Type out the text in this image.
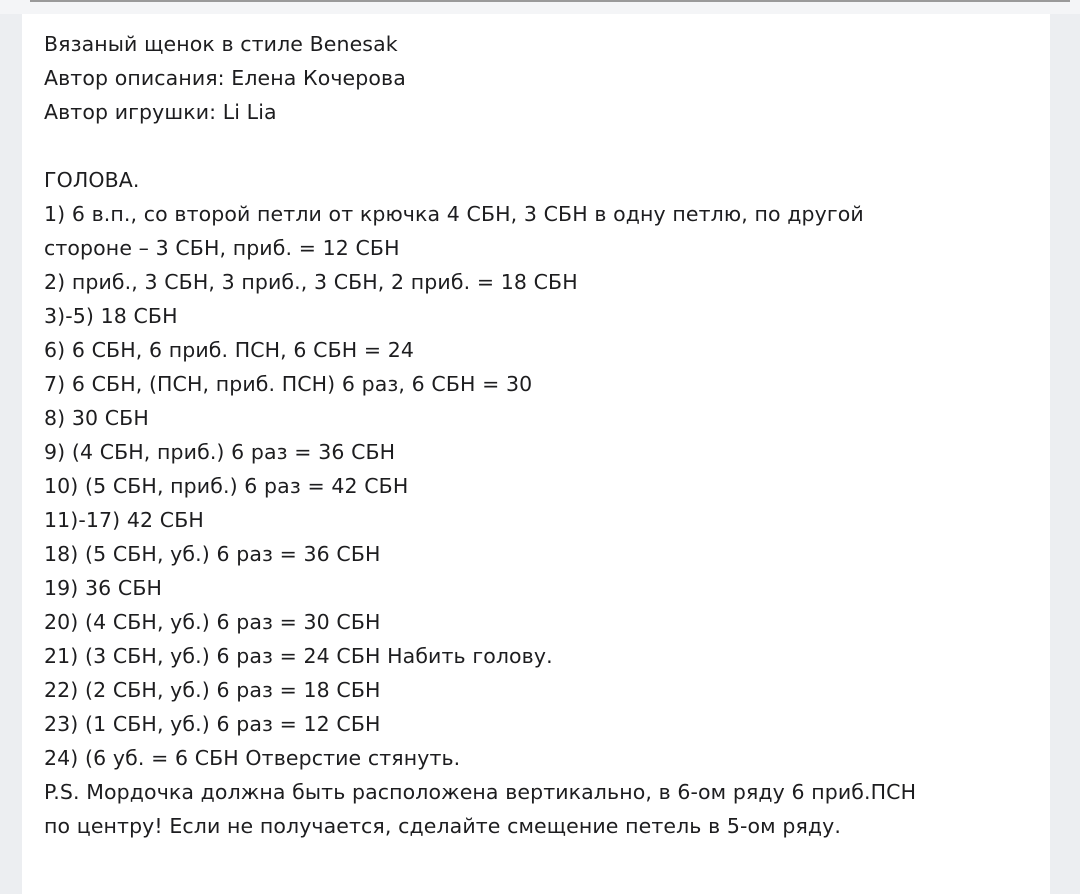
Вязаный щенок в стиле Benesak
Автор описания: Елена Кочерова
Автор игрушки: Li Lia
ГОЛОВА.
1) 6 в.п., со второй петли от крючка 4 СБН, 3 СБН в одну петлю, по другой
стороне – 3 СБН, приб. = 12 СБН
2) приб., 3 СБН, 3 приб., 3 СБН, 2 приб. = 18 СБН
3)-5) 18 СБН
6) 6 СБН, 6 приб. ПСН, 6 СБН = 24
7) 6 СБН, (ПСН, приб. ПСН) 6 раз, 6 СБН = 30
8) 30 СБН
9) (4 СБН, приб.) 6 раз = 36 СБН
10) (5 СБН, приб.) 6 раз = 42 СБН
11)-17) 42 СБН
18) (5 СБН, уб.) 6 раз = 36 СБН
19) 36 СБН
20) (4 СБН, уб.) 6 раз = 30 СБН
21) (3 СБН, уб.) 6 раз = 24 СБН Набить голову.
22) (2 СБН, уб.) 6 раз = 18 СБН
23) (1 СБН, уб.) 6 раз = 12 СБН
24) (6 уб. = 6 СБН Отверстие стянуть.
P.S. Мордочка должна быть расположена вертикально, в 6-ом ряду 6 приб.ПСН
по центру! Если не получается, сделайте смещение петель в 5-ом ряду.
